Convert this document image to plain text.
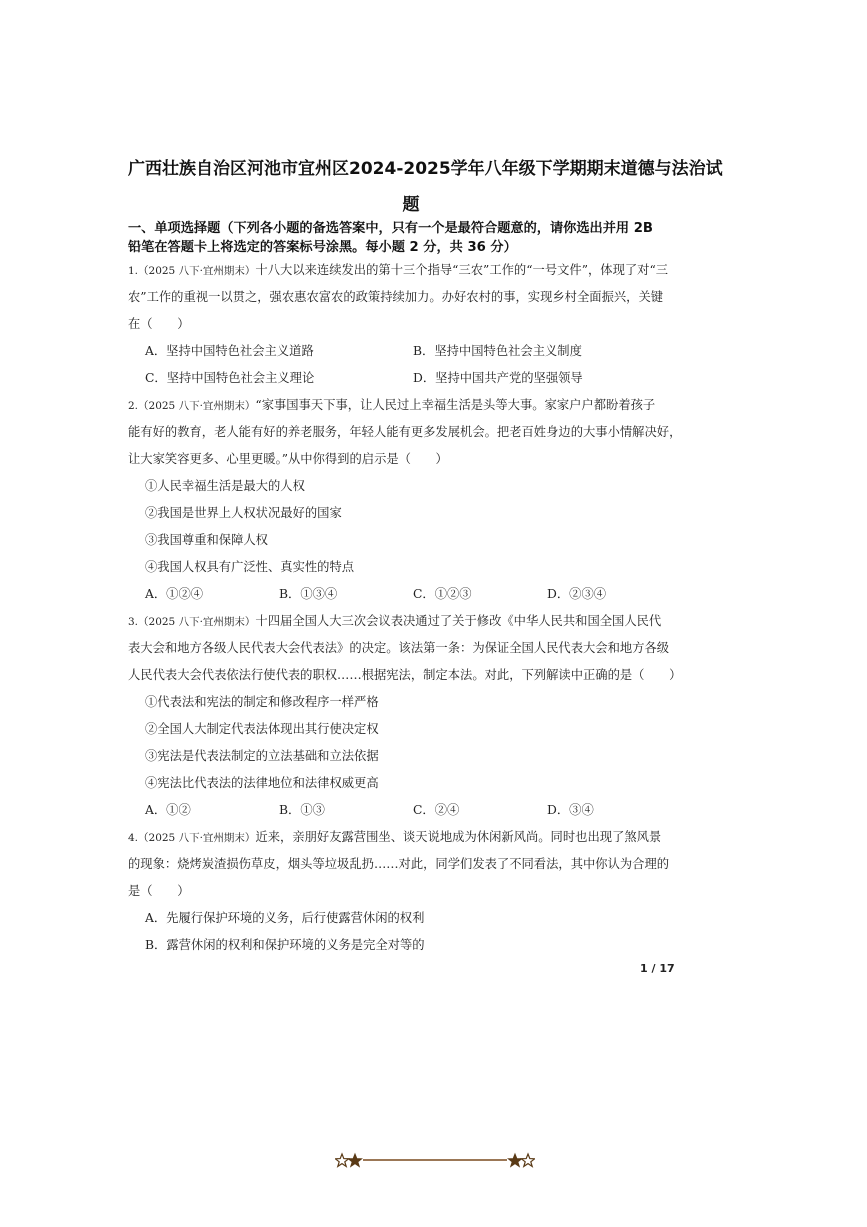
广西壮族自治区河池市宜州区2024-2025学年八年级下学期期末道德与法治试
题
一、单项选择题（下列各小题的备选答案中，只有一个是最符合题意的，请你选出并用 2B
铅笔在答题卡上将选定的答案标号涂黑。每小题 2 分，共 36 分）
1.（2025 八下·宜州期末）十八大以来连续发出的第十三个指导“三农”工作的“一号文件”，体现了对“三
农”工作的重视一以贯之，强农惠农富农的政策持续加力。办好农村的事，实现乡村全面振兴，关键
在（　　）
A．坚持中国特色社会主义道路	B．坚持中国特色社会主义制度
C．坚持中国特色社会主义理论	D．坚持中国共产党的坚强领导
2.（2025 八下·宜州期末）“家事国事天下事，让人民过上幸福生活是头等大事。家家户户都盼着孩子
能有好的教育，老人能有好的养老服务，年轻人能有更多发展机会。把老百姓身边的大事小情解决好，
让大家笑容更多、心里更暖。”从中你得到的启示是（　　）
①人民幸福生活是最大的人权
②我国是世界上人权状况最好的国家
③我国尊重和保障人权
④我国人权具有广泛性、真实性的特点
A．①②④	B．①③④	C．①②③	D．②③④
3.（2025 八下·宜州期末）十四届全国人大三次会议表决通过了关于修改《中华人民共和国全国人民代
表大会和地方各级人民代表大会代表法》的决定。该法第一条：为保证全国人民代表大会和地方各级
人民代表大会代表依法行使代表的职权……根据宪法，制定本法。对此，下列解读中正确的是（　　）
①代表法和宪法的制定和修改程序一样严格
②全国人大制定代表法体现出其行使决定权
③宪法是代表法制定的立法基础和立法依据
④宪法比代表法的法律地位和法律权威更高
A．①②	B．①③	C．②④	D．③④
4.（2025 八下·宜州期末）近来，亲朋好友露营围坐、谈天说地成为休闲新风尚。同时也出现了煞风景
的现象：烧烤炭渣损伤草皮，烟头等垃圾乱扔……对此，同学们发表了不同看法，其中你认为合理的
是（　　）
A．先履行保护环境的义务，后行使露营休闲的权利
B．露营休闲的权利和保护环境的义务是完全对等的
1 / 17
